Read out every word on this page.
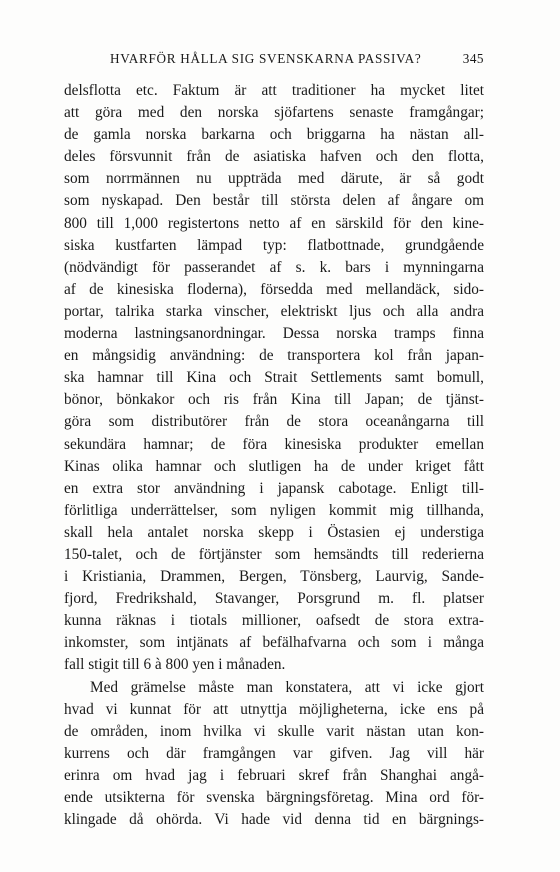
HVARFÖR HÅLLA SIG SVENSKARNA PASSIVA?	345
delsflotta etc. Faktum är att traditioner ha mycket litet
att göra med den norska sjöfartens senaste framgångar;
de gamla norska barkarna och briggarna ha nästan all-
deles försvunnit från de asiatiska hafven och den flotta,
som norrmännen nu uppträda med därute, är så godt
som nyskapad. Den består till största delen af ångare om
800 till 1,000 registertons netto af en särskild för den kine-
siska kustfarten lämpad typ: flatbottnade, grundgående
(nödvändigt för passerandet af s. k. bars i mynningarna
af de kinesiska floderna), försedda med mellandäck, sido-
portar, talrika starka vinscher, elektriskt ljus och alla andra
moderna lastningsanordningar. Dessa norska tramps finna
en mångsidig användning: de transportera kol från japan-
ska hamnar till Kina och Strait Settlements samt bomull,
bönor, bönkakor och ris från Kina till Japan; de tjänst-
göra som distributörer från de stora oceanångarna till
sekundära hamnar; de föra kinesiska produkter emellan
Kinas olika hamnar och slutligen ha de under kriget fått
en extra stor användning i japansk cabotage. Enligt till-
förlitliga underrättelser, som nyligen kommit mig tillhanda,
skall hela antalet norska skepp i Östasien ej understiga
150-talet, och de förtjänster som hemsändts till rederierna
i Kristiania, Drammen, Bergen, Tönsberg, Laurvig, Sande-
fjord, Fredrikshald, Stavanger, Porsgrund m. fl. platser
kunna räknas i tiotals millioner, oafsedt de stora extra-
inkomster, som intjänats af befälhafvarna och som i många
fall stigit till 6 à 800 yen i månaden.
Med grämelse måste man konstatera, att vi icke gjort
hvad vi kunnat för att utnyttja möjligheterna, icke ens på
de områden, inom hvilka vi skulle varit nästan utan kon-
kurrens och där framgången var gifven. Jag vill här
erinra om hvad jag i februari skref från Shanghai angå-
ende utsikterna för svenska bärgningsföretag. Mina ord för-
klingade då ohörda. Vi hade vid denna tid en bärgnings-
